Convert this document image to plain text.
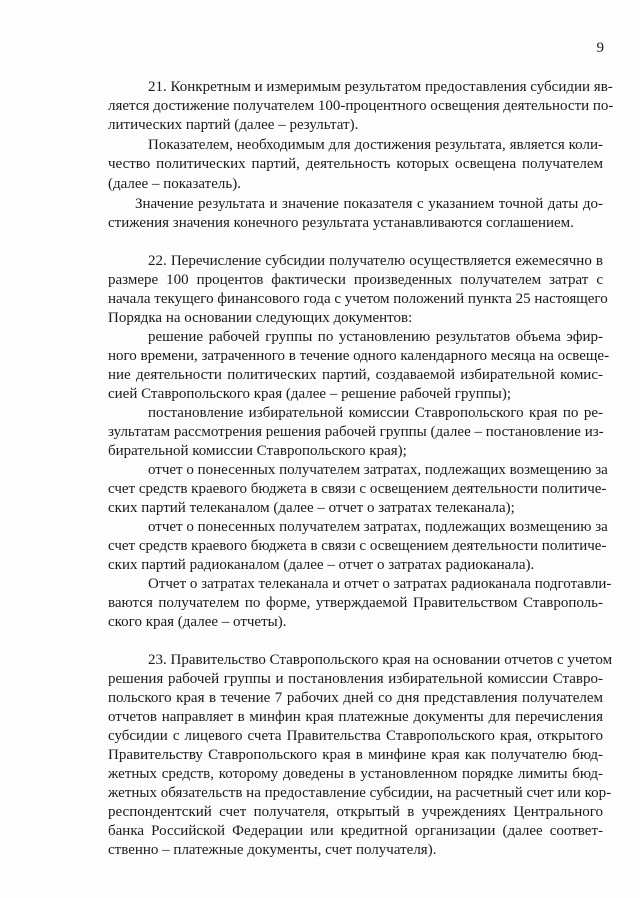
9
21. Конкретным и измеримым результатом предоставления субсидии яв-
ляется достижение получателем 100-процентного освещения деятельности по-
литических партий (далее – результат).
Показателем, необходимым для достижения результата, является коли-
чество политических партий, деятельность которых освещена получателем
(далее – показатель).
Значение результата и значение показателя с указанием точной даты до-
стижения значения конечного результата устанавливаются соглашением.
22. Перечисление субсидии получателю осуществляется ежемесячно в
размере 100 процентов фактически произведенных получателем затрат с
начала текущего финансового года с учетом положений пункта 25 настоящего
Порядка на основании следующих документов:
решение рабочей группы по установлению результатов объема эфир-
ного времени, затраченного в течение одного календарного месяца на освеще-
ние деятельности политических партий, создаваемой избирательной комис-
сией Ставропольского края (далее – решение рабочей группы);
постановление избирательной комиссии Ставропольского края по ре-
зультатам рассмотрения решения рабочей группы (далее – постановление из-
бирательной комиссии Ставропольского края);
отчет о понесенных получателем затратах, подлежащих возмещению за
счет средств краевого бюджета в связи с освещением деятельности политиче-
ских партий телеканалом (далее – отчет о затратах телеканала);
отчет о понесенных получателем затратах, подлежащих возмещению за
счет средств краевого бюджета в связи с освещением деятельности политиче-
ских партий радиоканалом (далее – отчет о затратах радиоканала).
Отчет о затратах телеканала и отчет о затратах радиоканала подготавли-
ваются получателем по форме, утверждаемой Правительством Ставрополь-
ского края (далее – отчеты).
23. Правительство Ставропольского края на основании отчетов с учетом
решения рабочей группы и постановления избирательной комиссии Ставро-
польского края в течение 7 рабочих дней со дня представления получателем
отчетов направляет в минфин края платежные документы для перечисления
субсидии с лицевого счета Правительства Ставропольского края, открытого
Правительству Ставропольского края в минфине края как получателю бюд-
жетных средств, которому доведены в установленном порядке лимиты бюд-
жетных обязательств на предоставление субсидии, на расчетный счет или кор-
респондентский счет получателя, открытый в учреждениях Центрального
банка Российской Федерации или кредитной организации (далее соответ-
ственно – платежные документы, счет получателя).
